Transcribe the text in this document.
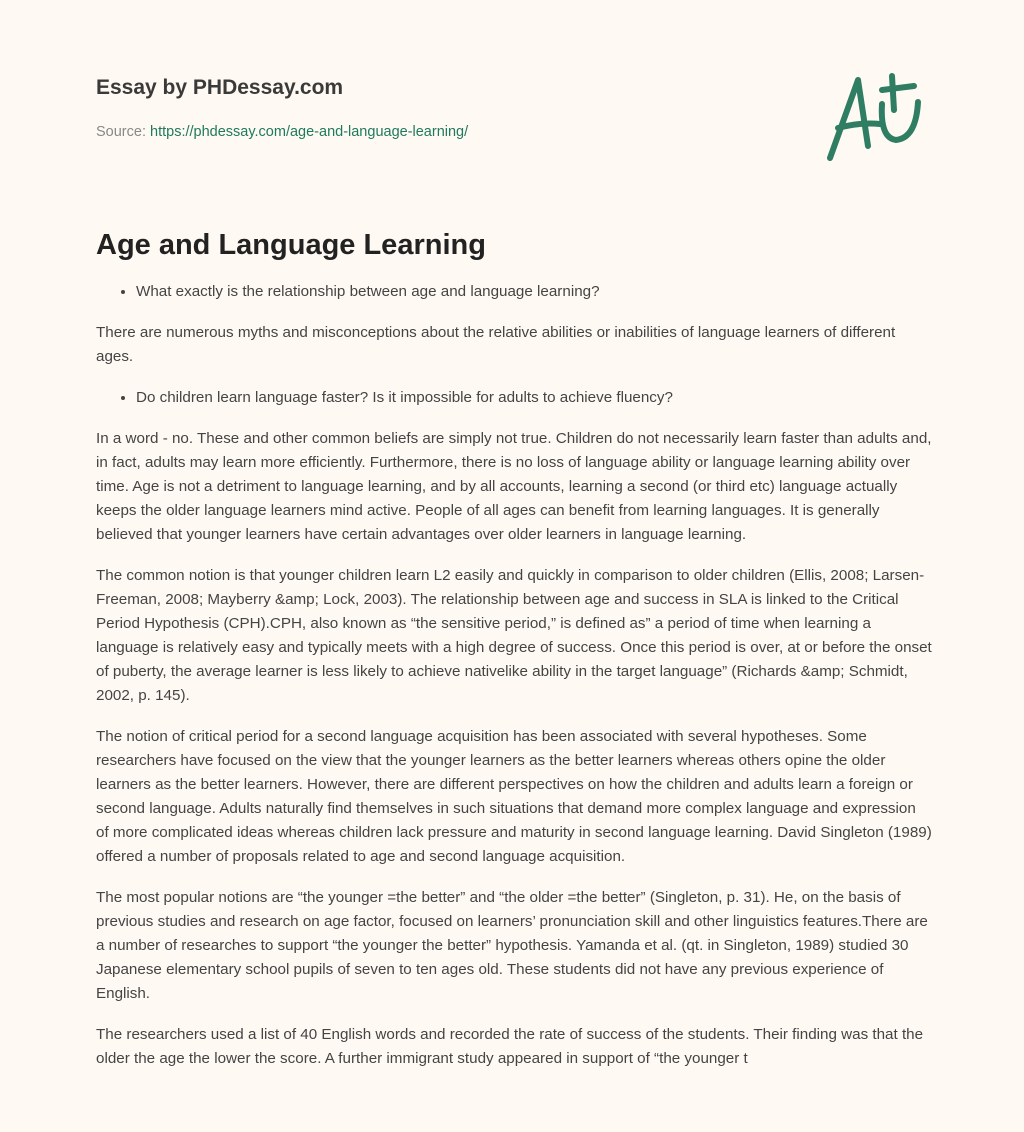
Essay by PHDessay.com
Source: https://phdessay.com/age-and-language-learning/
Age and Language Learning
• What exactly is the relationship between age and language learning?

There are numerous myths and misconceptions about the relative abilities or inabilities of language learners of different ages.

• Do children learn language faster? Is it impossible for adults to achieve fluency?

In a word - no. These and other common beliefs are simply not true. Children do not necessarily learn faster than adults and, in fact, adults may learn more efficiently. Furthermore, there is no loss of language ability or language learning ability over time. Age is not a detriment to language learning, and by all accounts, learning a second (or third etc) language actually keeps the older language learners mind active. People of all ages can benefit from learning languages. It is generally believed that younger learners have certain advantages over older learners in language learning.

The common notion is that younger children learn L2 easily and quickly in comparison to older children (Ellis, 2008; Larsen-Freeman, 2008; Mayberry &amp; Lock, 2003). The relationship between age and success in SLA is linked to the Critical Period Hypothesis (CPH).CPH, also known as “the sensitive period,” is defined as” a period of time when learning a language is relatively easy and typically meets with a high degree of success. Once this period is over, at or before the onset of puberty, the average learner is less likely to achieve nativelike ability in the target language” (Richards &amp; Schmidt, 2002, p. 145).

The notion of critical period for a second language acquisition has been associated with several hypotheses. Some researchers have focused on the view that the younger learners as the better learners whereas others opine the older learners as the better learners. However, there are different perspectives on how the children and adults learn a foreign or second language. Adults naturally find themselves in such situations that demand more complex language and expression of more complicated ideas whereas children lack pressure and maturity in second language learning. David Singleton (1989) offered a number of proposals related to age and second language acquisition.

The most popular notions are “the younger =the better” and “the older =the better” (Singleton, p. 31). He, on the basis of previous studies and research on age factor, focused on learners’ pronunciation skill and other linguistics features.There are a number of researches to support “the younger the better” hypothesis. Yamanda et al. (qt. in Singleton, 1989) studied 30 Japanese elementary school pupils of seven to ten ages old. These students did not have any previous experience of English.

The researchers used a list of 40 English words and recorded the rate of success of the students. Their finding was that the older the age the lower the score. A further immigrant study appeared in support of “the younger t
